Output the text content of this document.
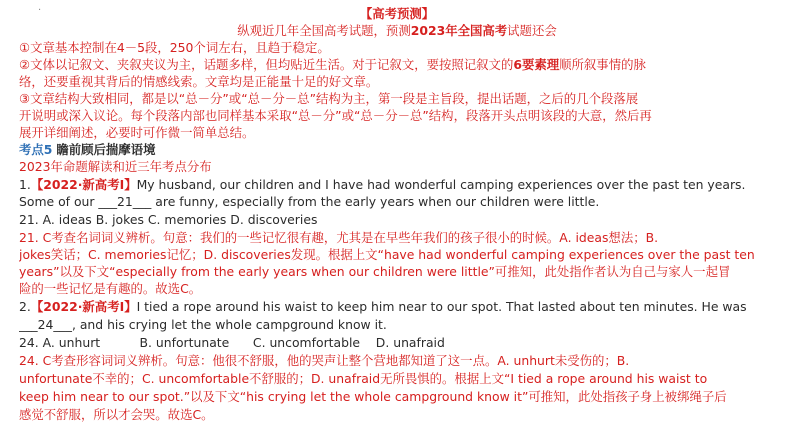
.	【高考预测】
纵观近几年全国高考试题，预测2023年全国高考试题还会
①文章基本控制在4－5段，250个词左右，且趋于稳定。
②文体以记叙文、夹叙夹议为主，话题多样，但均贴近生活。对于记叙文，要按照记叙文的6要素理顺所叙事情的脉
络，还要重视其背后的情感线索。文章均是正能量十足的好文章。
③文章结构大致相同，都是以“总－分”或“总－分－总”结构为主，第一段是主旨段，提出话题，之后的几个段落展
开说明或深入议论。每个段落内部也同样基本采取“总－分”或“总－分－总”结构，段落开头点明该段的大意，然后再
展开详细阐述，必要时可作微一简单总结。
考点5 瞻前顾后揣摩语境
2023年命题解读和近三年考点分布
1.【2022·新高考Ⅰ】My husband, our children and I have had wonderful camping experiences over the past ten years.
Some of our ___21___ are funny, especially from the early years when our children were little.
21. A. ideas B. jokes C. memories D. discoveries
21. C考查名词词义辨析。句意：我们的一些记忆很有趣，尤其是在早些年我们的孩子很小的时候。A. ideas想法；B.
jokes笑话；C. memories记忆；D. discoveries发现。根据上文“have had wonderful camping experiences over the past ten
years”以及下文“especially from the early years when our children were little”可推知，此处指作者认为自己与家人一起冒
险的一些记忆是有趣的。故选C。
2.【2022·新高考Ⅰ】I tied a rope around his waist to keep him near to our spot. That lasted about ten minutes. He was
___24___, and his crying let the whole campground know it.
24. A. unhurt          B. unfortunate      C. uncomfortable    D. unafraid
24. C考查形容词词义辨析。句意：他很不舒服，他的哭声让整个营地都知道了这一点。A. unhurt未受伤的；B.
unfortunate不幸的；C. uncomfortable不舒服的；D. unafraid无所畏惧的。根据上文“I tied a rope around his waist to
keep him near to our spot.”以及下文“his crying let the whole campground know it”可推知，此处指孩子身上被绑绳子后
感觉不舒服，所以才会哭。故选C。
